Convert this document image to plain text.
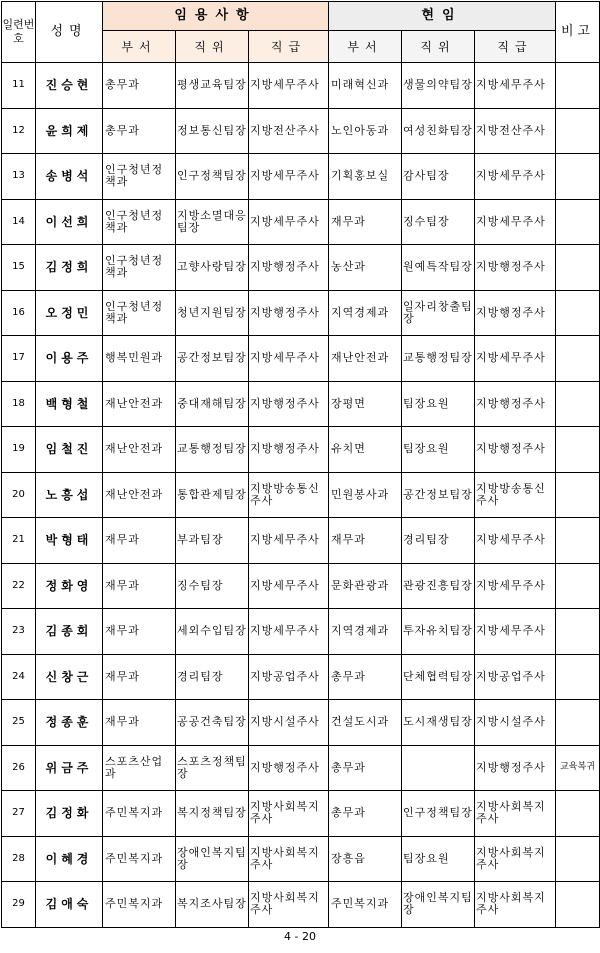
일련번호	성명	임용사항			현임			비고
		부서	직위	직급	부서	직위	직급	
11	진승현	총무과	평생교육팀장	지방세무주사	미래혁신과	생물의약팀장	지방세무주사	
12	윤희제	총무과	정보통신팀장	지방전산주사	노인아동과	여성친화팀장	지방전산주사	
13	송병석	인구청년정책과	인구정책팀장	지방세무주사	기획홍보실	감사팀장	지방세무주사	
14	이선희	인구청년정책과	지방소멸대응팀장	지방세무주사	재무과	징수팀장	지방세무주사	
15	김정희	인구청년정책과	고향사랑팀장	지방행정주사	농산과	원예특작팀장	지방행정주사	
16	오정민	인구청년정책과	청년지원팀장	지방행정주사	지역경제과	일자리창출팀장	지방행정주사	
17	이용주	행복민원과	공간정보팀장	지방세무주사	재난안전과	교통행정팀장	지방세무주사	
18	백형철	재난안전과	중대재해팀장	지방행정주사	장평면	팀장요원	지방행정주사	
19	임철진	재난안전과	교통행정팀장	지방행정주사	유치면	팀장요원	지방행정주사	
20	노흥섭	재난안전과	통합관제팀장	지방방송통신주사	민원봉사과	공간정보팀장	지방방송통신주사	
21	박형태	재무과	부과팀장	지방세무주사	재무과	경리팀장	지방세무주사	
22	정화영	재무과	징수팀장	지방세무주사	문화관광과	관광진흥팀장	지방세무주사	
23	김종회	재무과	세외수입팀장	지방세무주사	지역경제과	투자유치팀장	지방세무주사	
24	신창근	재무과	경리팀장	지방공업주사	총무과	단체협력팀장	지방공업주사	
25	정종훈	재무과	공공건축팀장	지방시설주사	건설도시과	도시재생팀장	지방시설주사	
26	위금주	스포츠산업과	스포츠정책팀장	지방행정주사	총무과		지방행정주사	교육복귀
27	김정화	주민복지과	복지정책팀장	지방사회복지주사	총무과	인구정책팀장	지방사회복지주사	
28	이혜경	주민복지과	장애인복지팀장	지방사회복지주사	장흥읍	팀장요원	지방사회복지주사	
29	김애숙	주민복지과	복지조사팀장	지방사회복지주사	주민복지과	장애인복지팀장	지방사회복지주사	
4 - 20
